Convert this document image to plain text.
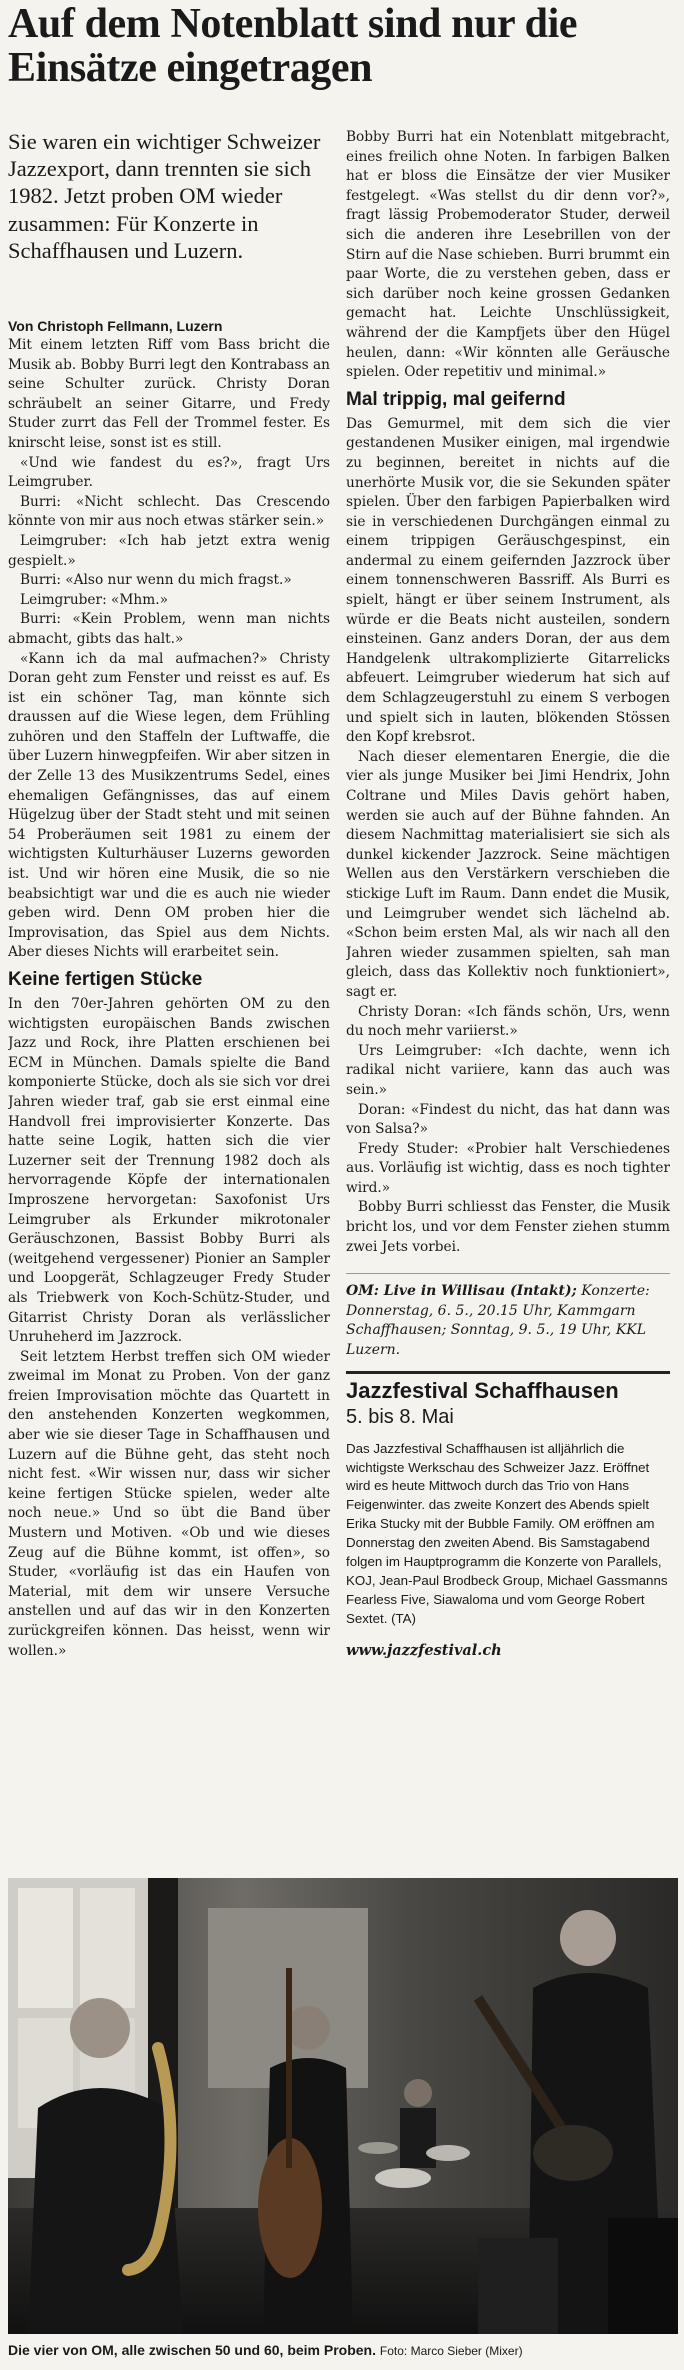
Auf dem Notenblatt sind nur die Einsätze eingetragen

Sie waren ein wichtiger Schweizer Jazzexport, dann trennten sie sich 1982. Jetzt proben OM wieder zusammen: Für Konzerte in Schaffhausen und Luzern.

Von Christoph Fellmann, Luzern

Mit einem letzten Riff vom Bass bricht die Musik ab. Bobby Burri legt den Kontrabass an seine Schulter zurück. Christy Doran schräubelt an seiner Gitarre, und Fredy Studer zurrt das Fell der Trommel fester. Es knirscht leise, sonst ist es still.

«Und wie fandest du es?», fragt Urs Leimgruber.

Burri: «Nicht schlecht. Das Crescendo könnte von mir aus noch etwas stärker sein.»

Leimgruber: «Ich hab jetzt extra wenig gespielt.»

Burri: «Also nur wenn du mich fragst.»

Leimgruber: «Mhm.»

Burri: «Kein Problem, wenn man nichts abmacht, gibts das halt.»

«Kann ich da mal aufmachen?» Christy Doran geht zum Fenster und reisst es auf. Es ist ein schöner Tag, man könnte sich draussen auf die Wiese legen, dem Frühling zuhören und den Staffeln der Luftwaffe, die über Luzern hinwegpfeifen. Wir aber sitzen in der Zelle 13 des Musikzentrums Sedel, eines ehemaligen Gefängnisses, das auf einem Hügelzug über der Stadt steht und mit seinen 54 Proberäumen seit 1981 zu einem der wichtigsten Kulturhäuser Luzerns geworden ist. Und wir hören eine Musik, die so nie beabsichtigt war und die es auch nie wieder geben wird. Denn OM proben hier die Improvisation, das Spiel aus dem Nichts. Aber dieses Nichts will erarbeitet sein.

Keine fertigen Stücke

In den 70er-Jahren gehörten OM zu den wichtigsten europäischen Bands zwischen Jazz und Rock, ihre Platten erschienen bei ECM in München. Damals spielte die Band komponierte Stücke, doch als sie sich vor drei Jahren wieder traf, gab sie erst einmal eine Handvoll frei improvisierter Konzerte. Das hatte seine Logik, hatten sich die vier Luzerner seit der Trennung 1982 doch als hervorragende Köpfe der internationalen Improszene hervorgetan: Saxofonist Urs Leimgruber als Erkunder mikrotonaler Geräuschzonen, Bassist Bobby Burri als (weitgehend vergessener) Pionier an Sampler und Loopgerät, Schlagzeuger Fredy Studer als Triebwerk von Koch-Schütz-Studer, und Gitarrist Christy Doran als verlässlicher Unruheherd im Jazzrock.

Seit letztem Herbst treffen sich OM wieder zweimal im Monat zu Proben. Von der ganz freien Improvisation möchte das Quartett in den anstehenden Konzerten wegkommen, aber wie sie dieser Tage in Schaffhausen und Luzern auf die Bühne geht, das steht noch nicht fest. «Wir wissen nur, dass wir sicher keine fertigen Stücke spielen, weder alte noch neue.» Und so übt die Band über Mustern und Motiven. «Ob und wie dieses Zeug auf die Bühne kommt, ist offen», so Studer, «vorläufig ist das ein Haufen von Material, mit dem wir unsere Versuche anstellen und auf das wir in den Konzerten zurückgreifen können. Das heisst, wenn wir wollen.»

Bobby Burri hat ein Notenblatt mitgebracht, eines freilich ohne Noten. In farbigen Balken hat er bloss die Einsätze der vier Musiker festgelegt. «Was stellst du dir denn vor?», fragt lässig Probemoderator Studer, derweil sich die anderen ihre Lesebrillen von der Stirn auf die Nase schieben. Burri brummt ein paar Worte, die zu verstehen geben, dass er sich darüber noch keine grossen Gedanken gemacht hat. Leichte Unschlüssigkeit, während der die Kampfjets über den Hügel heulen, dann: «Wir könnten alle Geräusche spielen. Oder repetitiv und minimal.»

Mal trippig, mal geifernd

Das Gemurmel, mit dem sich die vier gestandenen Musiker einigen, mal irgendwie zu beginnen, bereitet in nichts auf die unerhörte Musik vor, die sie Sekunden später spielen. Über den farbigen Papierbalken wird sie in verschiedenen Durchgängen einmal zu einem trippigen Geräuschgespinst, ein andermal zu einem geifernden Jazzrock über einem tonnenschweren Bassriff. Als Burri es spielt, hängt er über seinem Instrument, als würde er die Beats nicht austeilen, sondern einsteinen. Ganz anders Doran, der aus dem Handgelenk ultrakomplizierte Gitarrelicks abfeuert. Leimgruber wiederum hat sich auf dem Schlagzeugerstuhl zu einem S verbogen und spielt sich in lauten, blökenden Stössen den Kopf krebsrot.

Nach dieser elementaren Energie, die die vier als junge Musiker bei Jimi Hendrix, John Coltrane und Miles Davis gehört haben, werden sie auch auf der Bühne fahnden. An diesem Nachmittag materialisiert sie sich als dunkel kickender Jazzrock. Seine mächtigen Wellen aus den Verstärkern verschieben die stickige Luft im Raum. Dann endet die Musik, und Leimgruber wendet sich lächelnd ab. «Schon beim ersten Mal, als wir nach all den Jahren wieder zusammen spielten, sah man gleich, dass das Kollektiv noch funktioniert», sagt er.

Christy Doran: «Ich fänds schön, Urs, wenn du noch mehr variierst.»

Urs Leimgruber: «Ich dachte, wenn ich radikal nicht variiere, kann das auch was sein.»

Doran: «Findest du nicht, das hat dann was von Salsa?»

Fredy Studer: «Probier halt Verschiedenes aus. Vorläufig ist wichtig, dass es noch tighter wird.»

Bobby Burri schliesst das Fenster, die Musik bricht los, und vor dem Fenster ziehen stumm zwei Jets vorbei.

OM: Live in Willisau (Intakt); Konzerte: Donnerstag, 6. 5., 20.15 Uhr, Kammgarn Schaffhausen; Sonntag, 9. 5., 19 Uhr, KKL Luzern.

Jazzfestival Schaffhausen

5. bis 8. Mai

Das Jazzfestival Schaffhausen ist alljährlich die wichtigste Werkschau des Schweizer Jazz. Eröffnet wird es heute Mittwoch durch das Trio von Hans Feigenwinter. das zweite Konzert des Abends spielt Erika Stucky mit der Bubble Family. OM eröffnen am Donnerstag den zweiten Abend. Bis Samstagabend folgen im Hauptprogramm die Konzerte von Parallels, KOJ, Jean-Paul Brodbeck Group, Michael Gassmanns Fearless Five, Siawaloma und vom George Robert Sextet. (TA)

www.jazzfestival.ch

Die vier von OM, alle zwischen 50 und 60, beim Proben. Foto: Marco Sieber (Mixer)
